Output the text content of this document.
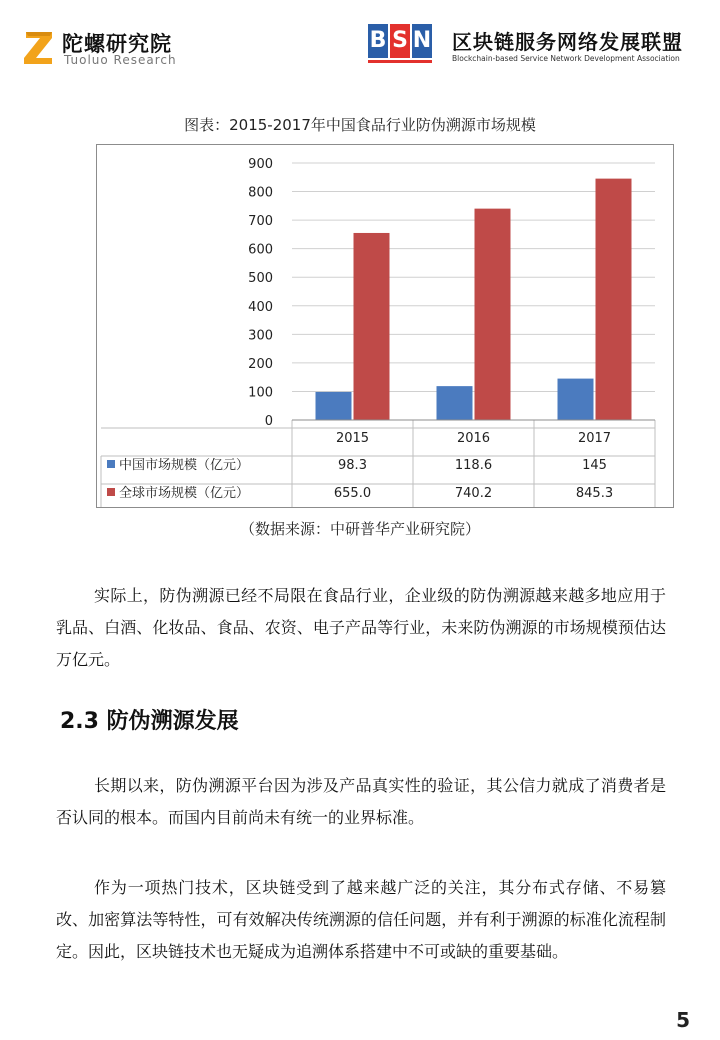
陀螺研究院
Tuoluo Research
B S N 区块链服务网络发展联盟
Blockchain-based Service Network Development Association
图表：2015-2017年中国食品行业防伪溯源市场规模
0
100
200
300
400
500
600
700
800
900
2015	2016	2017
中国市场规模（亿元）	98.3	118.6	145
全球市场规模（亿元）	655.0	740.2	845.3
（数据来源：中研普华产业研究院）
实际上，防伪溯源已经不局限在食品行业，企业级的防伪溯源越来越多地应用于乳品、白酒、化妆品、食品、农资、电子产品等行业，未来防伪溯源的市场规模预估达万亿元。
2.3 防伪溯源发展
长期以来，防伪溯源平台因为涉及产品真实性的验证，其公信力就成了消费者是否认同的根本。而国内目前尚未有统一的业界标准。
作为一项热门技术，区块链受到了越来越广泛的关注，其分布式存储、不易篡改、加密算法等特性，可有效解决传统溯源的信任问题，并有利于溯源的标准化流程制定。因此，区块链技术也无疑成为追溯体系搭建中不可或缺的重要基础。
5
